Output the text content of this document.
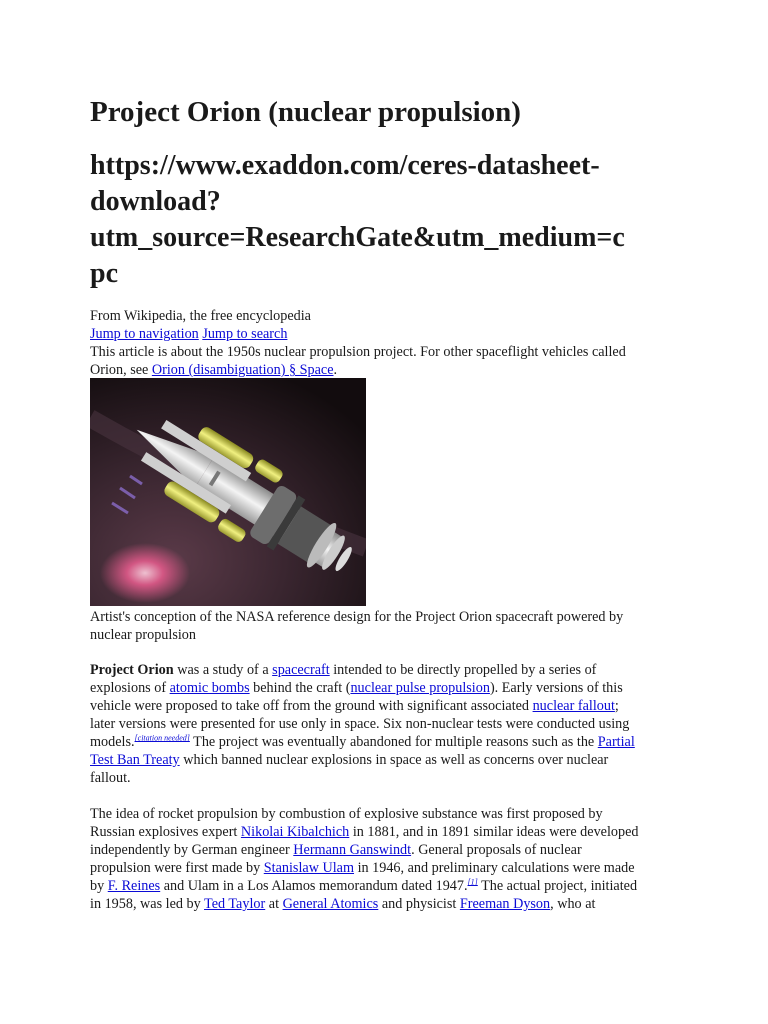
Project Orion (nuclear propulsion)
https://www.exaddon.com/ceres-datasheet-
download?
utm_source=ResearchGate&utm_medium=c
pc
From Wikipedia, the free encyclopedia
Jump to navigation Jump to search
This article is about the 1950s nuclear propulsion project. For other spaceflight vehicles called
Orion, see Orion (disambiguation) § Space.
Artist's conception of the NASA reference design for the Project Orion spacecraft powered by
nuclear propulsion
Project Orion was a study of a spacecraft intended to be directly propelled by a series of
explosions of atomic bombs behind the craft (nuclear pulse propulsion). Early versions of this
vehicle were proposed to take off from the ground with significant associated nuclear fallout;
later versions were presented for use only in space. Six non-nuclear tests were conducted using
models.[citation needed] The project was eventually abandoned for multiple reasons such as the Partial
Test Ban Treaty which banned nuclear explosions in space as well as concerns over nuclear
fallout.
The idea of rocket propulsion by combustion of explosive substance was first proposed by
Russian explosives expert Nikolai Kibalchich in 1881, and in 1891 similar ideas were developed
independently by German engineer Hermann Ganswindt. General proposals of nuclear
propulsion were first made by Stanislaw Ulam in 1946, and preliminary calculations were made
by F. Reines and Ulam in a Los Alamos memorandum dated 1947.[1] The actual project, initiated
in 1958, was led by Ted Taylor at General Atomics and physicist Freeman Dyson, who at
